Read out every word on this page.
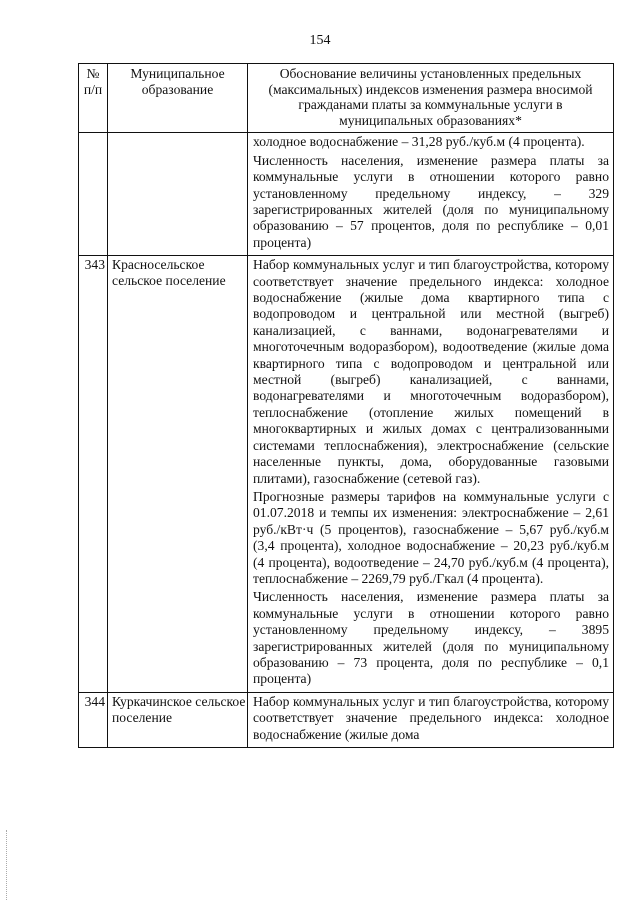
154
№
п/п	Муниципальное образование	Обоснование величины установленных предельных (максимальных) индексов изменения размера вносимой гражданами платы за коммунальные услуги в муниципальных образованиях*

		холодное водоснабжение – 31,28 руб./куб.м (4 процента).

Численность населения, изменение размера платы за коммунальные услуги в отношении которого равно установленному предельному индексу, – 329 зарегистрированных жителей (доля по муниципальному образованию – 57 процентов, доля по республике – 0,01 процента)

343	Красносельское сельское поселение	Набор коммунальных услуг и тип благоустройства, которому соответствует значение предельного индекса: холодное водоснабжение (жилые дома квартирного типа с водопроводом и центральной или местной (выгреб) канализацией, с ваннами, водонагревателями и многоточечным водоразбором), водоотведение (жилые дома квартирного типа с водопроводом и центральной или местной (выгреб) канализацией, с ваннами, водонагревателями и многоточечным водоразбором), теплоснабжение (отопление жилых помещений в многоквартирных и жилых домах с централизованными системами теплоснабжения), электроснабжение (сельские населенные пункты, дома, оборудованные газовыми плитами), газоснабжение (сетевой газ).

Прогнозные размеры тарифов на коммунальные услуги с 01.07.2018 и темпы их изменения: электроснабжение – 2,61 руб./кВт·ч (5 процентов), газоснабжение – 5,67 руб./куб.м (3,4 процента), холодное водоснабжение – 20,23 руб./куб.м (4 процента), водоотведение – 24,70 руб./куб.м (4 процента), теплоснабжение – 2269,79 руб./Гкал (4 процента).

Численность населения, изменение размера платы за коммунальные услуги в отношении которого равно установленному предельному индексу, – 3895 зарегистрированных жителей (доля по муниципальному образованию – 73 процента, доля по республике – 0,1 процента)

344	Куркачинское сельское поселение	Набор коммунальных услуг и тип благоустройства, которому соответствует значение предельного индекса: холодное водоснабжение (жилые дома
